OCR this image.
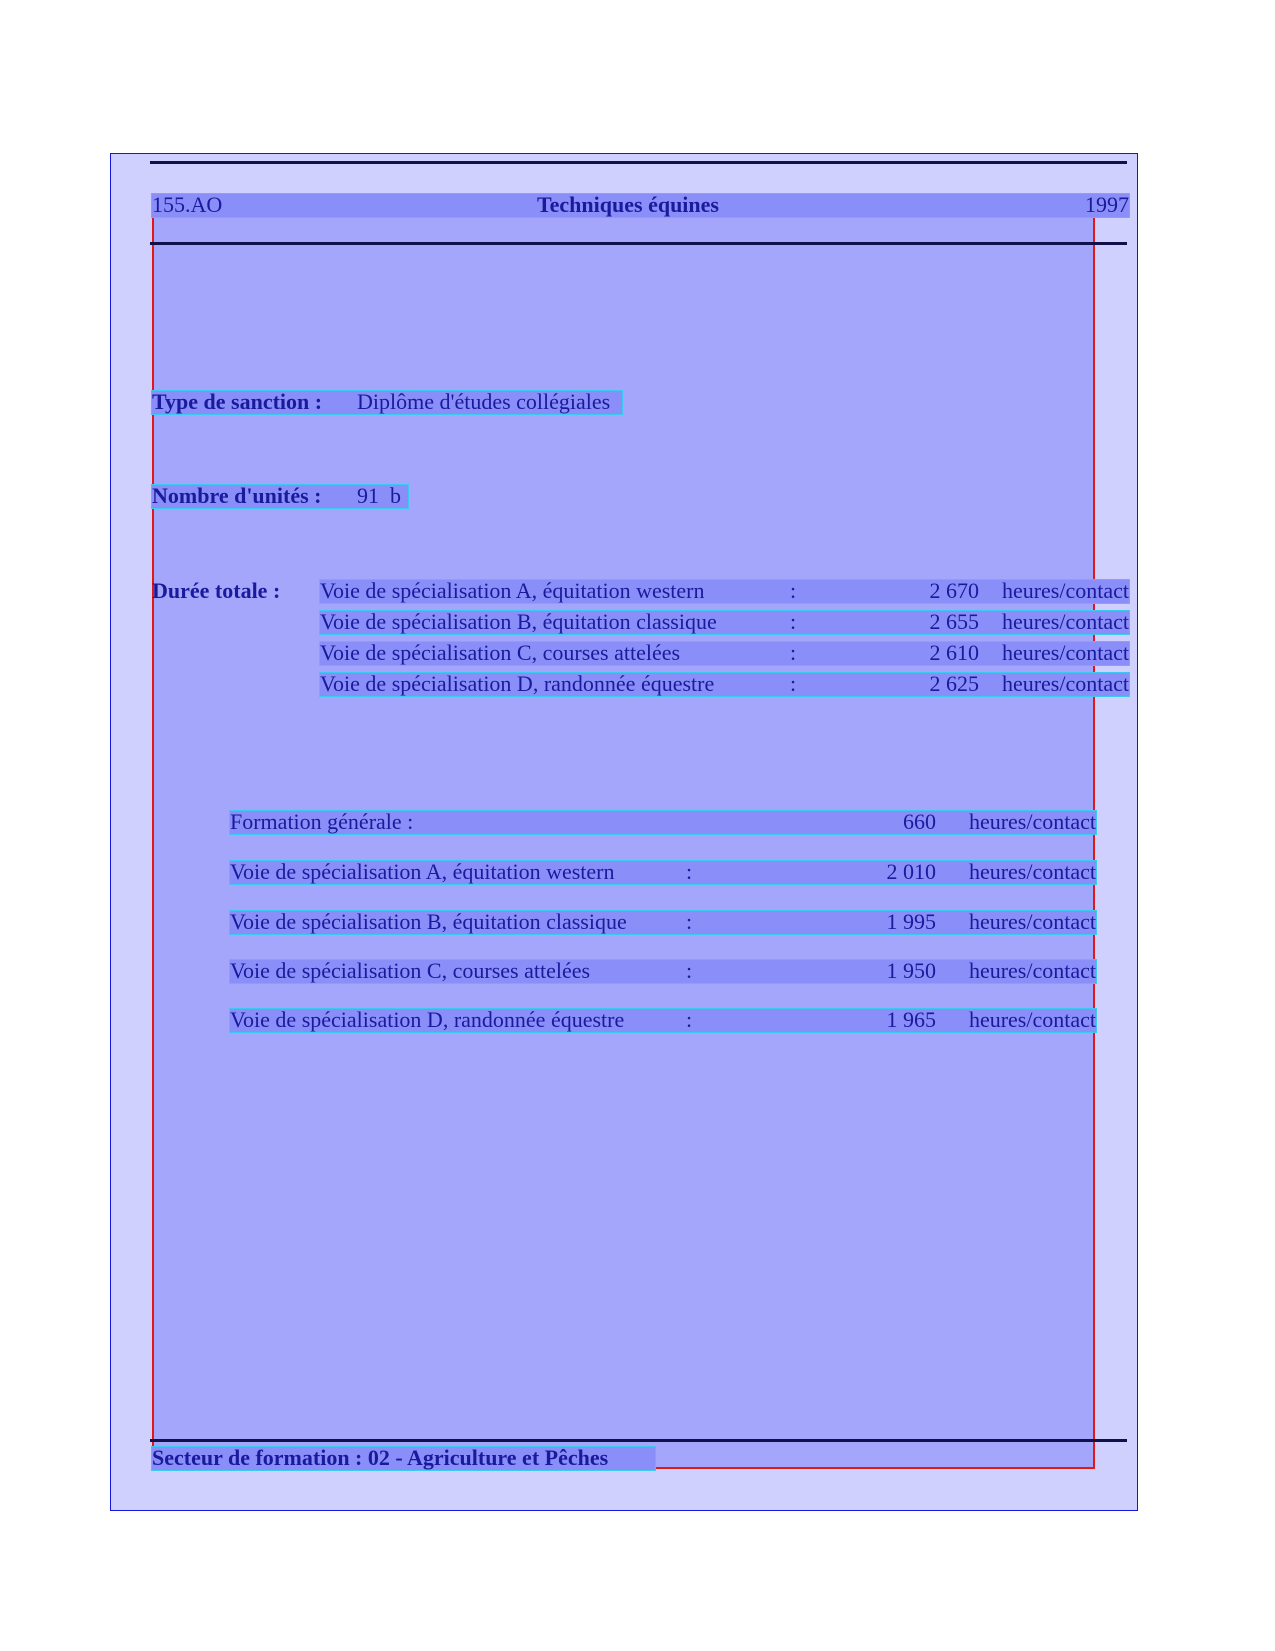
155.AO	Techniques équines	1997
Type de sanction : Diplôme d'études collégiales
Nombre d'unités : 91 b
Durée totale :	Voie de spécialisation A, équitation western	:	2 670 heures/contact
Voie de spécialisation B, équitation classique	:	2 655 heures/contact
Voie de spécialisation C, courses attelées	:	2 610 heures/contact
Voie de spécialisation D, randonnée équestre	:	2 625 heures/contact
Formation générale :	660 heures/contact
Voie de spécialisation A, équitation western	:	2 010 heures/contact
Voie de spécialisation B, équitation classique	:	1 995 heures/contact
Voie de spécialisation C, courses attelées	:	1 950 heures/contact
Voie de spécialisation D, randonnée équestre	:	1 965 heures/contact
Secteur de formation : 02 - Agriculture et Pêches
